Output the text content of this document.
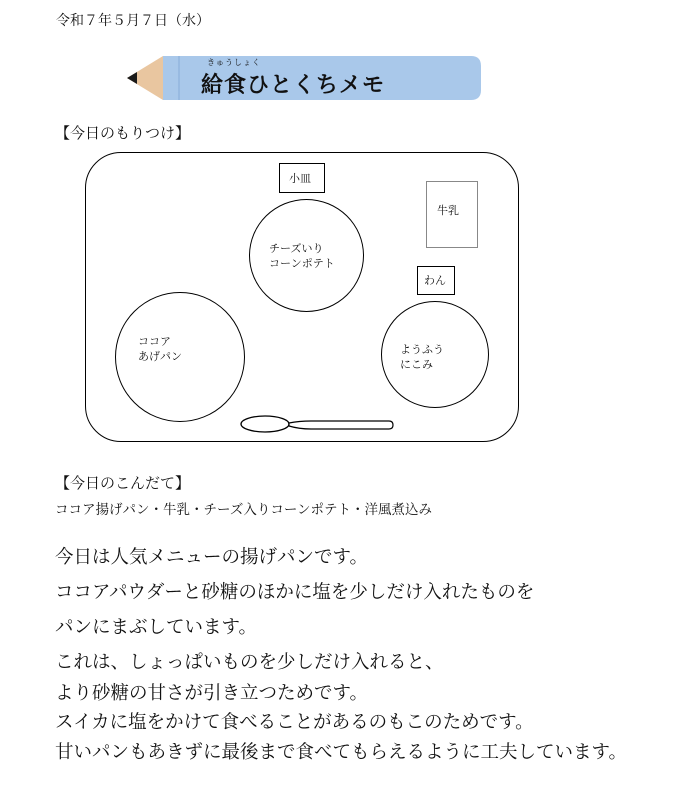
令和７年５月７日（水）
きゅうしょく
給食ひとくちメモ
【今日のもりつけ】
小皿
チーズいり
コーンポテト
牛乳
わん
ようふう
にこみ
ココア
あげパン
【今日のこんだて】
ココア揚げパン・牛乳・チーズ入りコーンポテト・洋風煮込み
今日は人気メニューの揚げパンです。
ココアパウダーと砂糖のほかに塩を少しだけ入れたものを
パンにまぶしています。
これは、しょっぱいものを少しだけ入れると、
より砂糖の甘さが引き立つためです。
スイカに塩をかけて食べることがあるのもこのためです。
甘いパンもあきずに最後まで食べてもらえるように工夫しています。
